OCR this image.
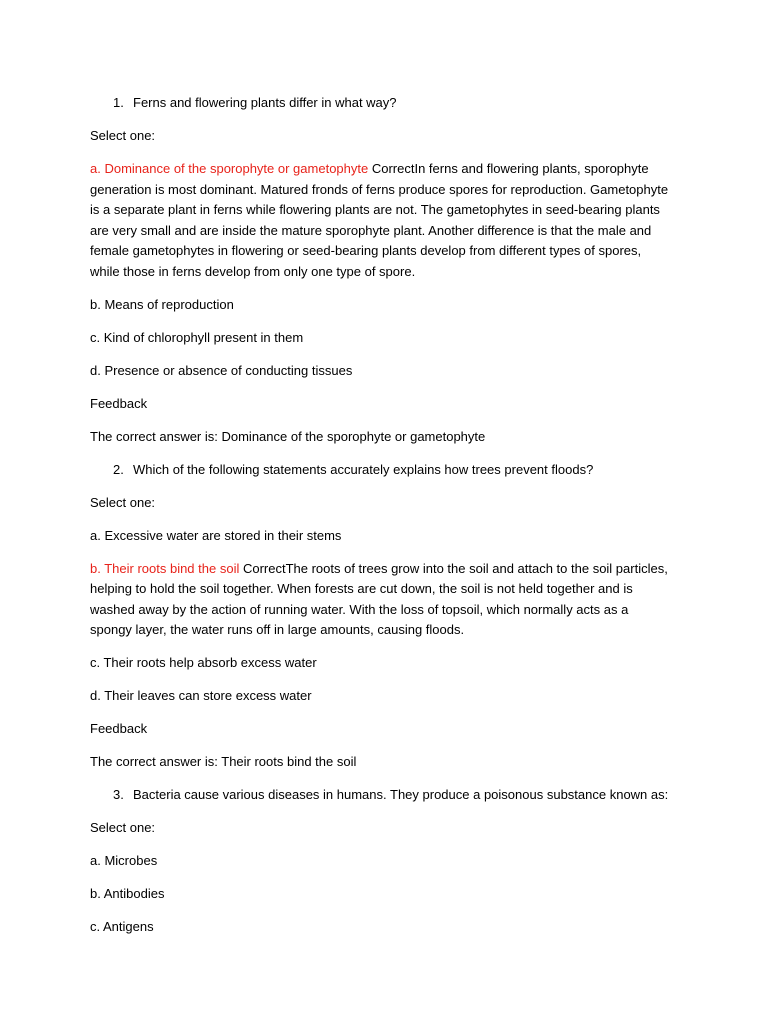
1. Ferns and flowering plants differ in what way?

Select one:

a. Dominance of the sporophyte or gametophyte CorrectIn ferns and flowering plants, sporophyte generation is most dominant. Matured fronds of ferns produce spores for reproduction. Gametophyte is a separate plant in ferns while flowering plants are not. The gametophytes in seed-bearing plants are very small and are inside the mature sporophyte plant. Another difference is that the male and female gametophytes in flowering or seed-bearing plants develop from different types of spores, while those in ferns develop from only one type of spore.

b. Means of reproduction

c. Kind of chlorophyll present in them

d. Presence or absence of conducting tissues

Feedback

The correct answer is: Dominance of the sporophyte or gametophyte

2. Which of the following statements accurately explains how trees prevent floods?

Select one:

a. Excessive water are stored in their stems

b. Their roots bind the soil CorrectThe roots of trees grow into the soil and attach to the soil particles, helping to hold the soil together. When forests are cut down, the soil is not held together and is washed away by the action of running water. With the loss of topsoil, which normally acts as a spongy layer, the water runs off in large amounts, causing floods.

c. Their roots help absorb excess water

d. Their leaves can store excess water

Feedback

The correct answer is: Their roots bind the soil

3. Bacteria cause various diseases in humans. They produce a poisonous substance known as:

Select one:

a. Microbes

b. Antibodies

c. Antigens
